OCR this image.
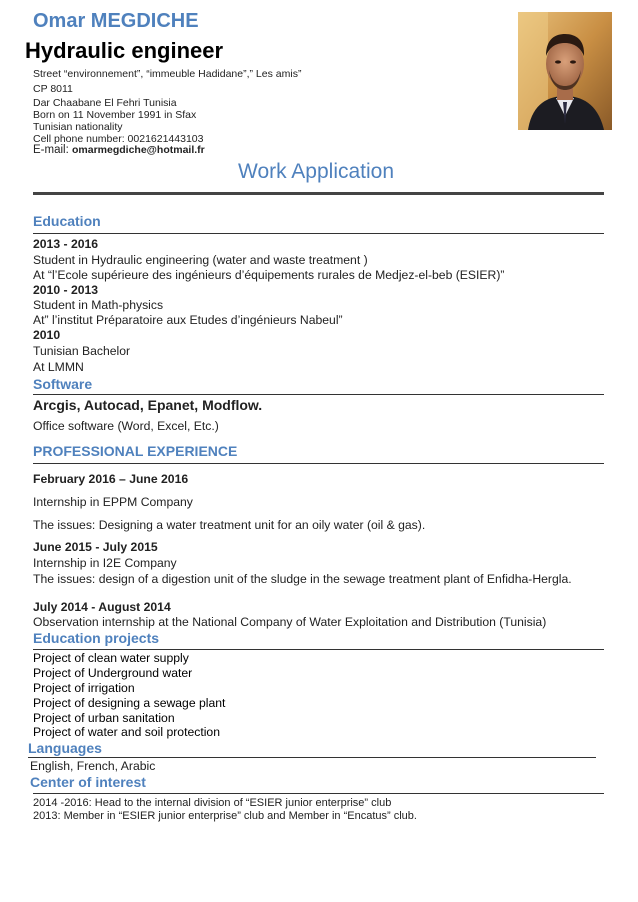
Omar MEGDICHE
Hydraulic engineer
Street “environnement”, “immeuble Hadidane”,” Les amis”
CP 8011
Dar Chaabane El Fehri Tunisia
Born on 11 November 1991 in Sfax
Tunisian nationality
Cell phone number: 0021621443103
E-mail: omarmegdiche@hotmail.fr
Work Application
Education
2013 - 2016
Student in Hydraulic engineering (water and waste treatment )
At “l’Ecole supérieure des ingénieurs d’équipements rurales de Medjez-el-beb (ESIER)”
2010 - 2013
Student in Math-physics
At” l’institut Préparatoire aux Etudes d’ingénieurs Nabeul”
2010
Tunisian Bachelor
At LMMN
Software
Arcgis, Autocad, Epanet, Modflow.
Office software (Word, Excel, Etc.)
PROFESSIONAL EXPERIENCE
February 2016 – June 2016
Internship in EPPM Company
The issues: Designing a water treatment unit for an oily water (oil & gas).
June 2015 - July 2015
Internship in I2E Company
The issues: design of a digestion unit of the sludge in the sewage treatment plant of Enfidha-Hergla.
July 2014 - August 2014
Observation internship at the National Company of Water Exploitation and Distribution (Tunisia)
Education projects
Project of clean water supply
Project of Underground water
Project of irrigation
Project of designing a sewage plant
Project of urban sanitation
Project of water and soil protection
Languages
English, French, Arabic
Center of interest
2014 -2016: Head to the internal division of “ESIER junior enterprise” club
2013: Member in “ESIER junior enterprise” club and Member in “Encatus” club.
